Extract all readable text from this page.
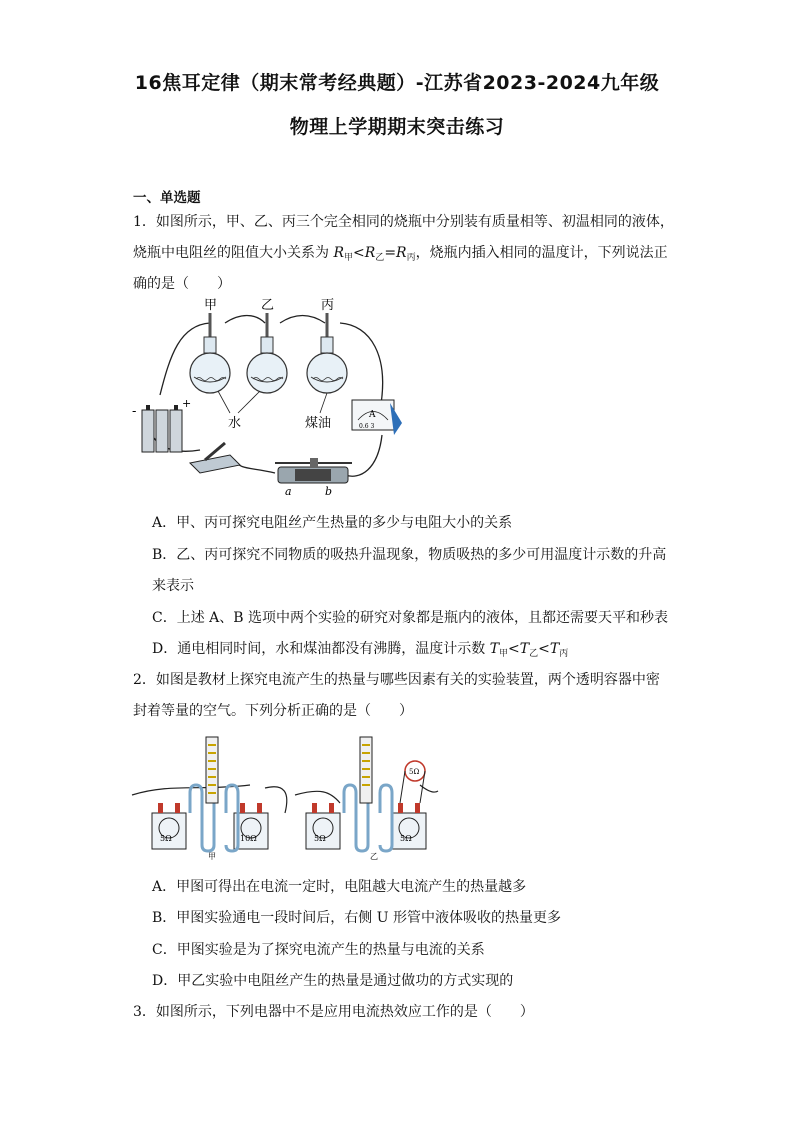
16焦耳定律（期末常考经典题）-江苏省2023-2024九年级
物理上学期期末突击练习
一、单选题
1．如图所示，甲、乙、丙三个完全相同的烧瓶中分别装有质量相等、初温相同的液体，
烧瓶中电阻丝的阻值大小关系为 $R_甲<R_乙=R_丙$，烧瓶内插入相同的温度计，下列说法正
确的是（　　）
甲	乙	丙
水	煤油
-
+
A
0.6 3
a	b
A．甲、丙可探究电阻丝产生热量的多少与电阻大小的关系
B．乙、丙可探究不同物质的吸热升温现象，物质吸热的多少可用温度计示数的升高
来表示
C．上述 A、B 选项中两个实验的研究对象都是瓶内的液体，且都还需要天平和秒表
D．通电相同时间，水和煤油都没有沸腾，温度计示数 $T_甲<T_乙<T_丙$
2．如图是教材上探究电流产生的热量与哪些因素有关的实验装置，两个透明容器中密
封着等量的空气。下列分析正确的是（　　）
5Ω	10Ω
甲
5Ω	5Ω
5Ω
乙
A．甲图可得出在电流一定时，电阻越大电流产生的热量越多
B．甲图实验通电一段时间后，右侧 U 形管中液体吸收的热量更多
C．甲图实验是为了探究电流产生的热量与电流的关系
D．甲乙实验中电阻丝产生的热量是通过做功的方式实现的
3．如图所示，下列电器中不是应用电流热效应工作的是（　　）
